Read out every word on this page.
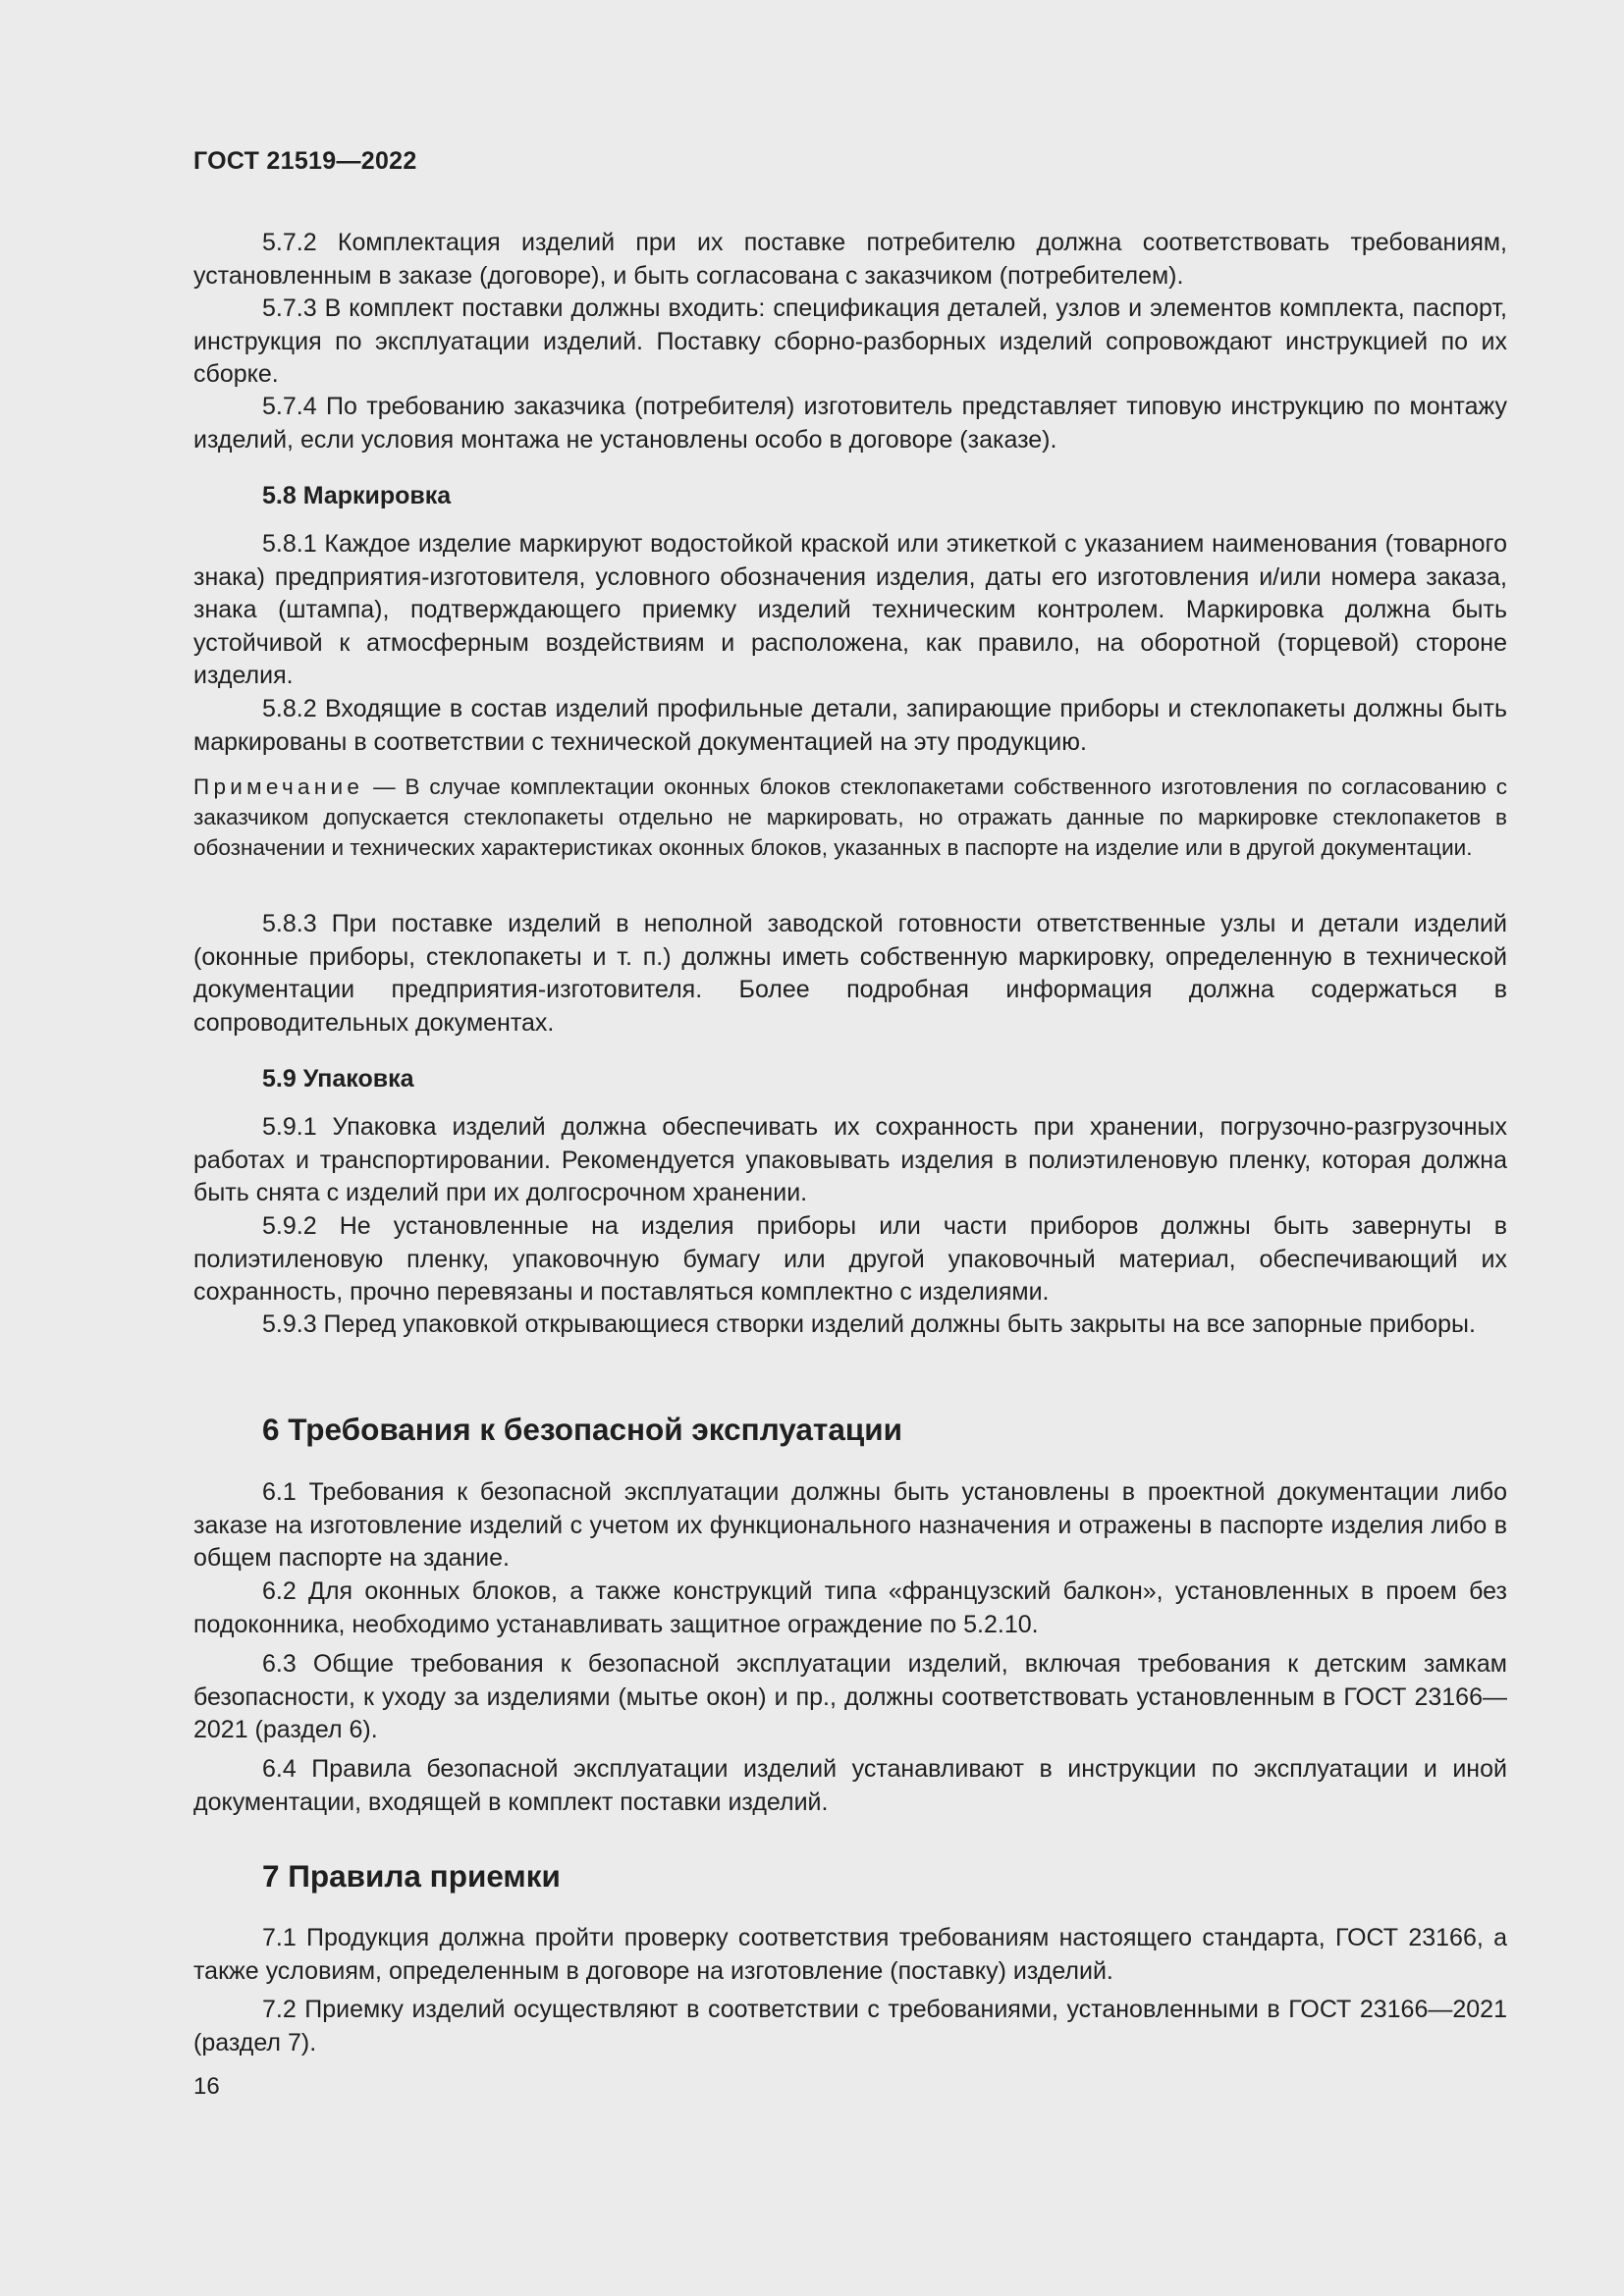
ГОСТ 21519—2022

5.7.2 Комплектация изделий при их поставке потребителю должна соответствовать требованиям, установленным в заказе (договоре), и быть согласована с заказчиком (потребителем).

5.7.3 В комплект поставки должны входить: спецификация деталей, узлов и элементов комплекта, паспорт, инструкция по эксплуатации изделий. Поставку сборно-разборных изделий сопровождают инструкцией по их сборке.

5.7.4 По требованию заказчика (потребителя) изготовитель представляет типовую инструкцию по монтажу изделий, если условия монтажа не установлены особо в договоре (заказе).

5.8 Маркировка

5.8.1 Каждое изделие маркируют водостойкой краской или этикеткой с указанием наименования (товарного знака) предприятия-изготовителя, условного обозначения изделия, даты его изготовления и/или номера заказа, знака (штампа), подтверждающего приемку изделий техническим контролем. Маркировка должна быть устойчивой к атмосферным воздействиям и расположена, как правило, на оборотной (торцевой) стороне изделия.

5.8.2 Входящие в состав изделий профильные детали, запирающие приборы и стеклопакеты должны быть маркированы в соответствии с технической документацией на эту продукцию.

Примечание — В случае комплектации оконных блоков стеклопакетами собственного изготовления по согласованию с заказчиком допускается стеклопакеты отдельно не маркировать, но отражать данные по маркировке стеклопакетов в обозначении и технических характеристиках оконных блоков, указанных в паспорте на изделие или в другой документации.

5.8.3 При поставке изделий в неполной заводской готовности ответственные узлы и детали изделий (оконные приборы, стеклопакеты и т. п.) должны иметь собственную маркировку, определенную в технической документации предприятия-изготовителя. Более подробная информация должна содержаться в сопроводительных документах.

5.9 Упаковка

5.9.1 Упаковка изделий должна обеспечивать их сохранность при хранении, погрузочно-разгрузочных работах и транспортировании. Рекомендуется упаковывать изделия в полиэтиленовую пленку, которая должна быть снята с изделий при их долгосрочном хранении.

5.9.2 Не установленные на изделия приборы или части приборов должны быть завернуты в полиэтиленовую пленку, упаковочную бумагу или другой упаковочный материал, обеспечивающий их сохранность, прочно перевязаны и поставляться комплектно с изделиями.

5.9.3 Перед упаковкой открывающиеся створки изделий должны быть закрыты на все запорные приборы.

6 Требования к безопасной эксплуатации

6.1 Требования к безопасной эксплуатации должны быть установлены в проектной документации либо заказе на изготовление изделий с учетом их функционального назначения и отражены в паспорте изделия либо в общем паспорте на здание.

6.2 Для оконных блоков, а также конструкций типа «французский балкон», установленных в проем без подоконника, необходимо устанавливать защитное ограждение по 5.2.10.

6.3 Общие требования к безопасной эксплуатации изделий, включая требования к детским замкам безопасности, к уходу за изделиями (мытье окон) и пр., должны соответствовать установленным в ГОСТ 23166—2021 (раздел 6).

6.4 Правила безопасной эксплуатации изделий устанавливают в инструкции по эксплуатации и иной документации, входящей в комплект поставки изделий.

7 Правила приемки

7.1 Продукция должна пройти проверку соответствия требованиям настоящего стандарта, ГОСТ 23166, а также условиям, определенным в договоре на изготовление (поставку) изделий.

7.2 Приемку изделий осуществляют в соответствии с требованиями, установленными в ГОСТ 23166—2021 (раздел 7).

16
